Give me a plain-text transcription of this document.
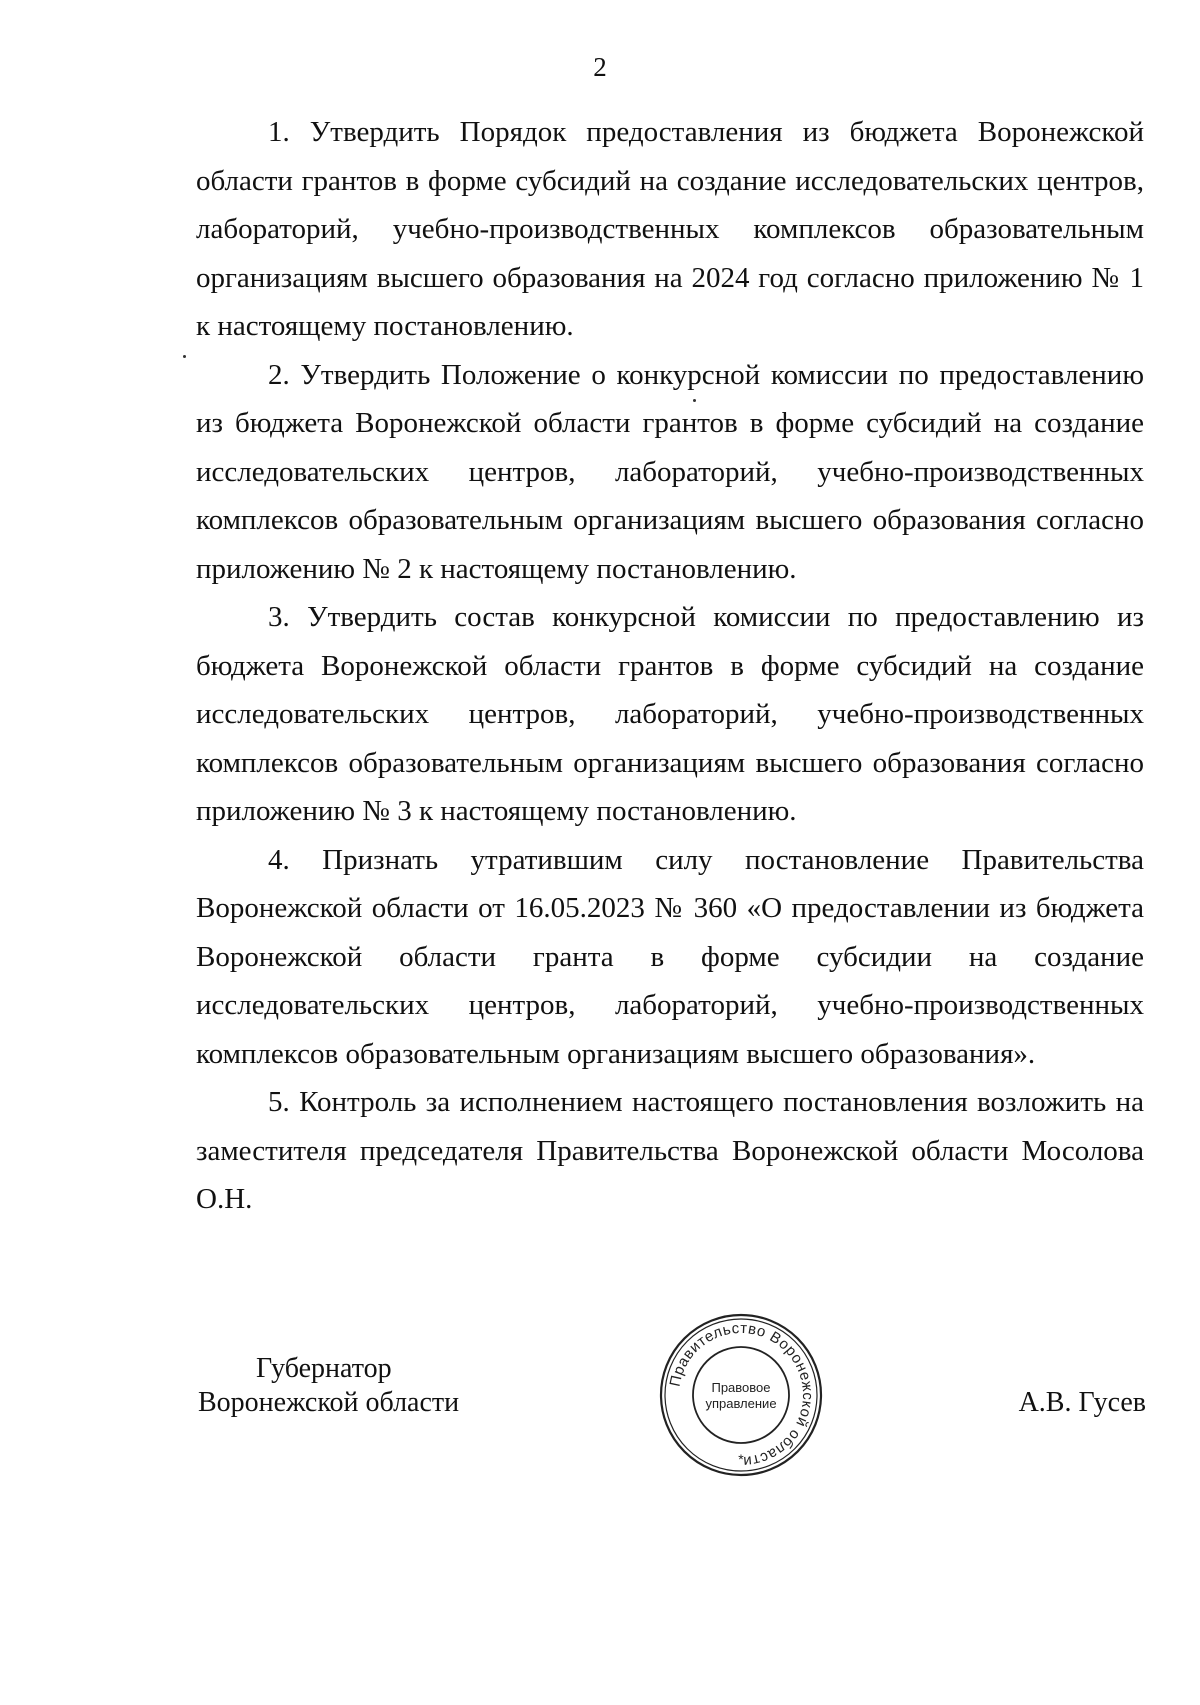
2

1. Утвердить Порядок предоставления из бюджета Воронежской области грантов в форме субсидий на создание исследовательских центров, лабораторий, учебно-производственных комплексов образовательным организациям высшего образования на 2024 год согласно приложению № 1 к настоящему постановлению.

2. Утвердить Положение о конкурсной комиссии по предоставлению из бюджета Воронежской области грантов в форме субсидий на создание исследовательских центров, лабораторий, учебно-производственных комплексов образовательным организациям высшего образования согласно приложению № 2 к настоящему постановлению.

3. Утвердить состав конкурсной комиссии по предоставлению из бюджета Воронежской области грантов в форме субсидий на создание исследовательских центров, лабораторий, учебно-производственных комплексов образовательным организациям высшего образования согласно приложению № 3 к настоящему постановлению.

4. Признать утратившим силу постановление Правительства Воронежской области от 16.05.2023 № 360 «О предоставлении из бюджета Воронежской области гранта в форме субсидии на создание исследовательских центров, лабораторий, учебно-производственных комплексов образовательным организациям высшего образования».

5. Контроль за исполнением настоящего постановления возложить на заместителя председателя Правительства Воронежской области Мосолова О.Н.

Губернатор
Воронежской области
Правительство Воронежской области
Правовое
управление
*
А.В. Гусев
